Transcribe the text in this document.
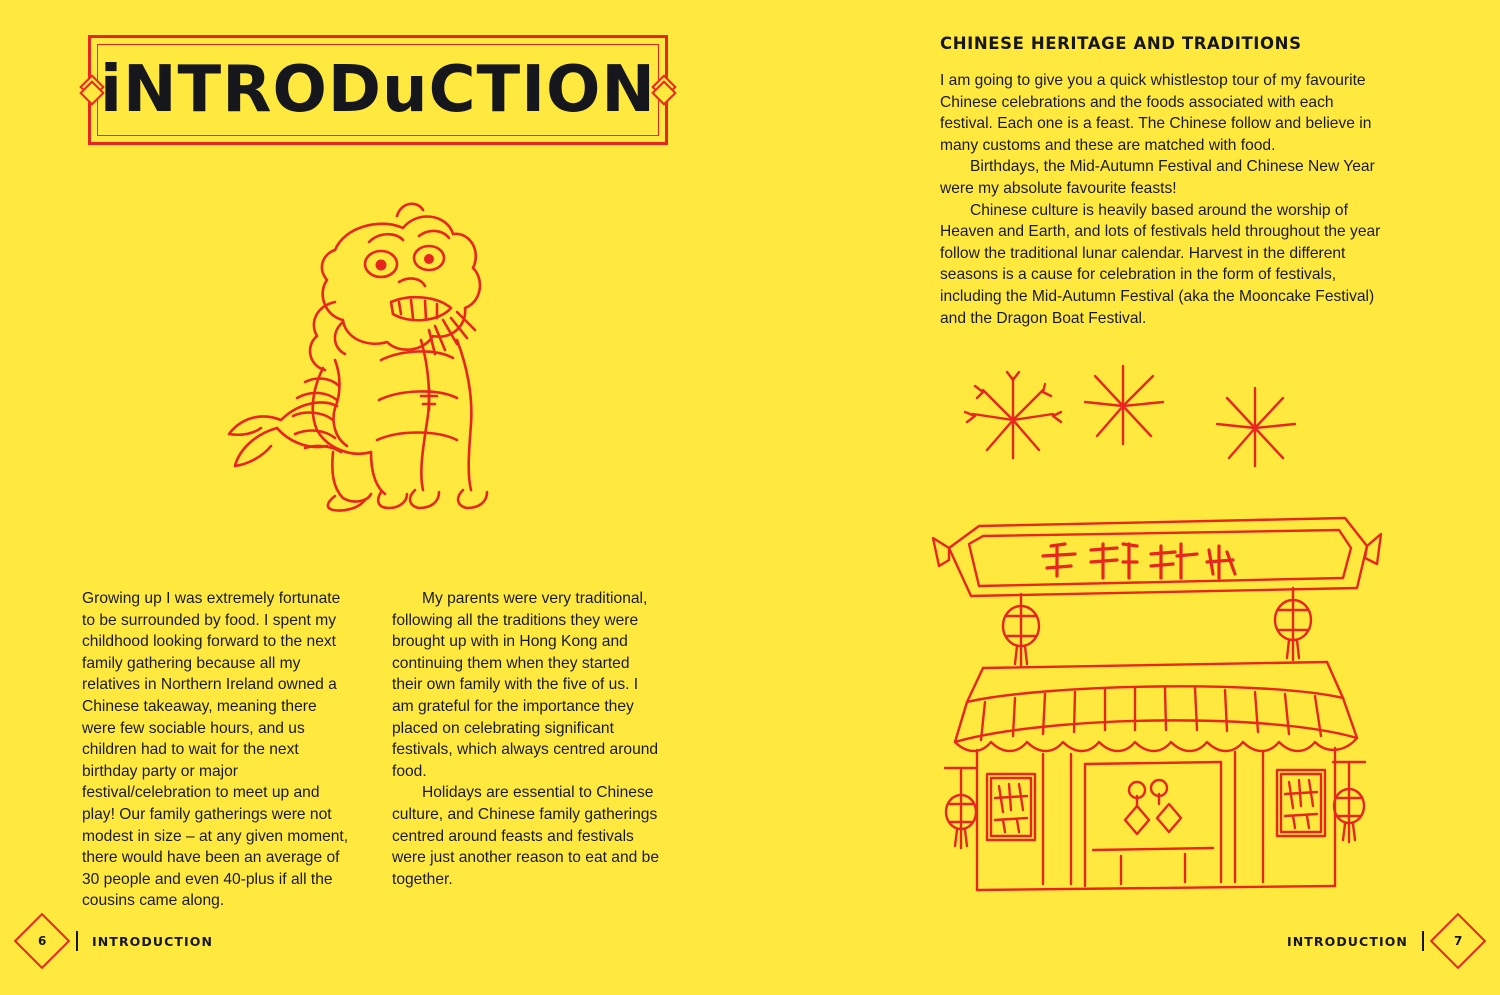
iNTRODuCTION

Growing up I was extremely fortunate to be surrounded by food. I spent my childhood looking forward to the next family gathering because all my relatives in Northern Ireland owned a Chinese takeaway, meaning there were few sociable hours, and us children had to wait for the next birthday party or major festival/celebration to meet up and play! Our family gatherings were not modest in size – at any given moment, there would have been an average of 30 people and even 40-plus if all the cousins came along.

My parents were very traditional, following all the traditions they were brought up with in Hong Kong and continuing them when they started their own family with the five of us. I am grateful for the importance they placed on celebrating significant festivals, which always centred around food.

Holidays are essential to Chinese culture, and Chinese family gatherings centred around feasts and festivals were just another reason to eat and be together.

6	INTRODUCTION
CHINESE HERITAGE AND TRADITIONS

I am going to give you a quick whistlestop tour of my favourite Chinese celebrations and the foods associated with each festival. Each one is a feast. The Chinese follow and believe in many customs and these are matched with food.

Birthdays, the Mid-Autumn Festival and Chinese New Year were my absolute favourite feasts!

Chinese culture is heavily based around the worship of Heaven and Earth, and lots of festivals held throughout the year follow the traditional lunar calendar. Harvest in the different seasons is a cause for celebration in the form of festivals, including the Mid-Autumn Festival (aka the Mooncake Festival) and the Dragon Boat Festival.

INTRODUCTION	7
